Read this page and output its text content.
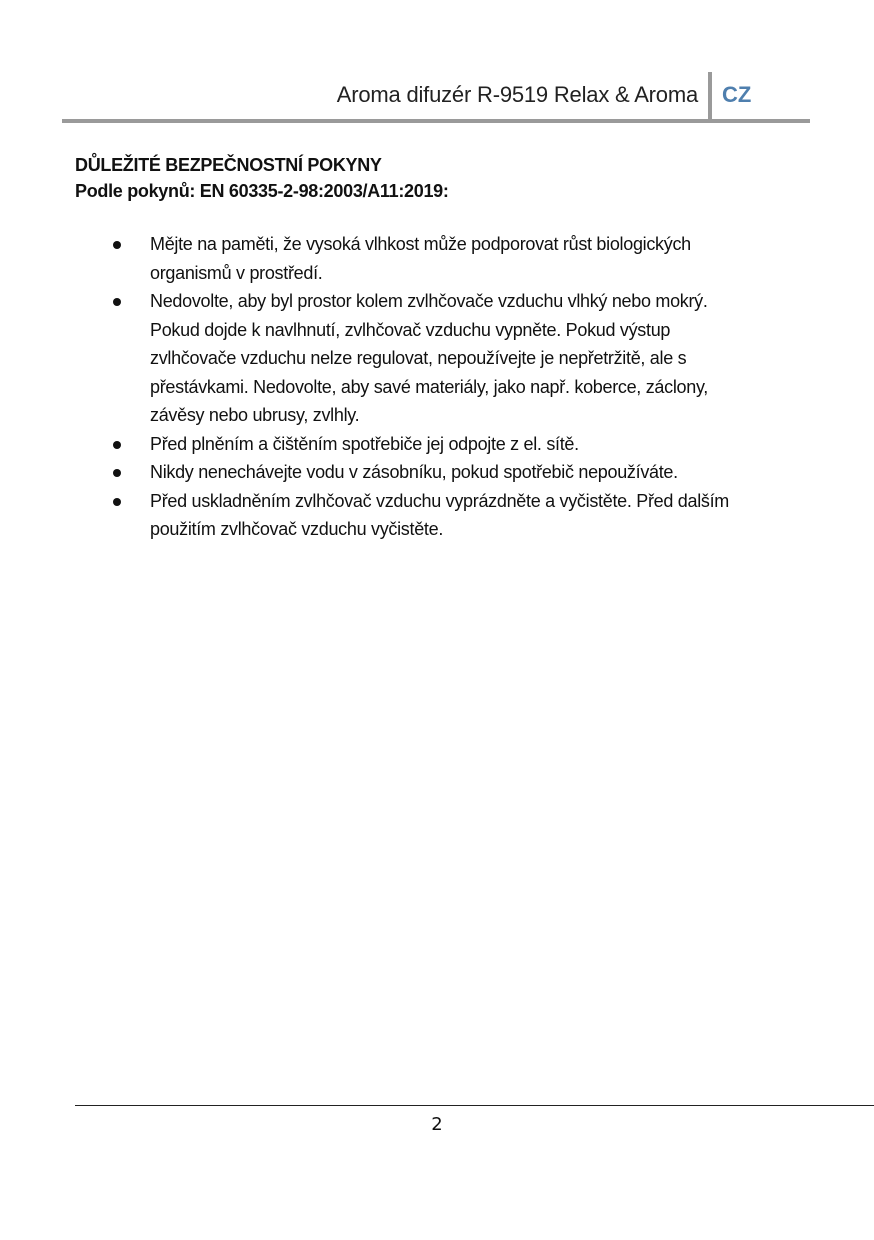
Aroma difuzér R-9519 Relax & Aroma CZ
DŮLEŽITÉ BEZPEČNOSTNÍ POKYNY
Podle pokynů: EN 60335-2-98:2003/A11:2019:
Mějte na paměti, že vysoká vlhkost může podporovat růst biologických
organismů v prostředí.
Nedovolte, aby byl prostor kolem zvlhčovače vzduchu vlhký nebo mokrý.
Pokud dojde k navlhnutí, zvlhčovač vzduchu vypněte. Pokud výstup
zvlhčovače vzduchu nelze regulovat, nepoužívejte je nepřetržitě, ale s
přestávkami. Nedovolte, aby savé materiály, jako např. koberce, záclony,
závěsy nebo ubrusy, zvlhly.
Před plněním a čištěním spotřebiče jej odpojte z el. sítě.
Nikdy nenechávejte vodu v zásobníku, pokud spotřebič nepoužíváte.
Před uskladněním zvlhčovač vzduchu vyprázdněte a vyčistěte. Před dalším
použitím zvlhčovač vzduchu vyčistěte.
2
